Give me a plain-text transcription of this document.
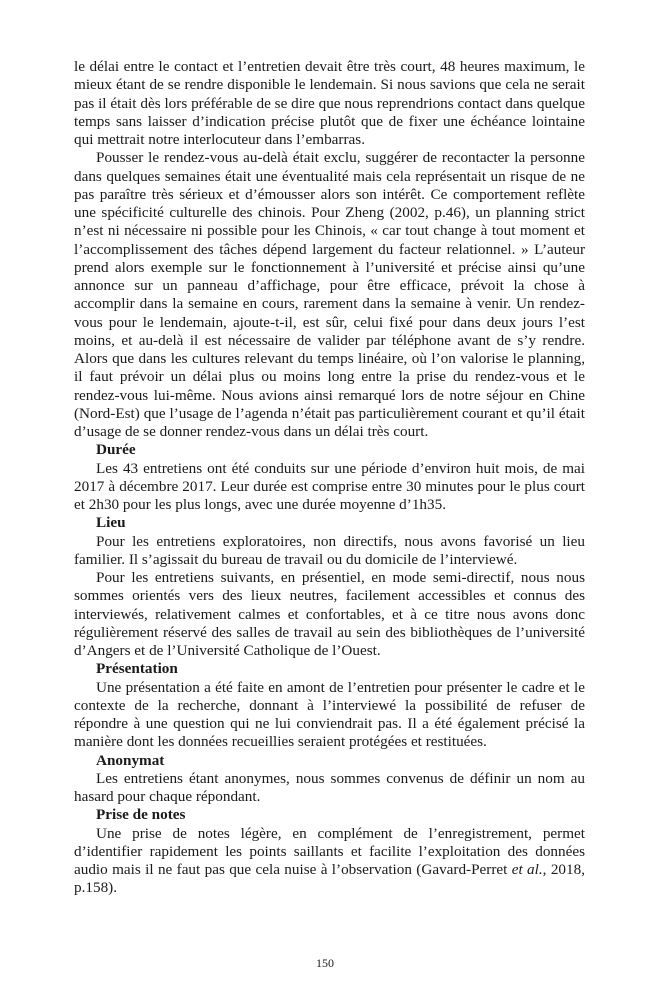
le délai entre le contact et l’entretien devait être très court, 48 heures maximum, le mieux étant de se rendre disponible le lendemain. Si nous savions que cela ne serait pas il était dès lors préférable de se dire que nous reprendrions contact dans quelque temps sans laisser d’indication précise plutôt que de fixer une échéance lointaine qui mettrait notre interlocuteur dans l’embarras.

Pousser le rendez-vous au-delà était exclu, suggérer de recontacter la personne dans quelques semaines était une éventualité mais cela représentait un risque de ne pas paraître très sérieux et d’émousser alors son intérêt. Ce comportement reflète une spécificité culturelle des chinois. Pour Zheng (2002, p.46), un planning strict n’est ni nécessaire ni possible pour les Chinois, « car tout change à tout moment et l’accomplissement des tâches dépend largement du facteur relationnel. » L’auteur prend alors exemple sur le fonctionnement à l’université et précise ainsi qu’une annonce sur un panneau d’affichage, pour être efficace, prévoit la chose à accomplir dans la semaine en cours, rarement dans la semaine à venir. Un rendez-vous pour le lendemain, ajoute-t-il, est sûr, celui fixé pour dans deux jours l’est moins, et au-delà il est nécessaire de valider par téléphone avant de s’y rendre. Alors que dans les cultures relevant du temps linéaire, où l’on valorise le planning, il faut prévoir un délai plus ou moins long entre la prise du rendez-vous et le rendez-vous lui-même. Nous avions ainsi remarqué lors de notre séjour en Chine (Nord-Est) que l’usage de l’agenda n’était pas particulièrement courant et qu’il était d’usage de se donner rendez-vous dans un délai très court.

Durée

Les 43 entretiens ont été conduits sur une période d’environ huit mois, de mai 2017 à décembre 2017. Leur durée est comprise entre 30 minutes pour le plus court et 2h30 pour les plus longs, avec une durée moyenne d’1h35.

Lieu

Pour les entretiens exploratoires, non directifs, nous avons favorisé un lieu familier. Il s’agissait du bureau de travail ou du domicile de l’interviewé.

Pour les entretiens suivants, en présentiel, en mode semi-directif, nous nous sommes orientés vers des lieux neutres, facilement accessibles et connus des interviewés, relativement calmes et confortables, et à ce titre nous avons donc régulièrement réservé des salles de travail au sein des bibliothèques de l’université d’Angers et de l’Université Catholique de l’Ouest.

Présentation

Une présentation a été faite en amont de l’entretien pour présenter le cadre et le contexte de la recherche, donnant à l’interviewé la possibilité de refuser de répondre à une question qui ne lui conviendrait pas. Il a été également précisé la manière dont les données recueillies seraient protégées et restituées.

Anonymat

Les entretiens étant anonymes, nous sommes convenus de définir un nom au hasard pour chaque répondant.

Prise de notes

Une prise de notes légère, en complément de l’enregistrement, permet d’identifier rapidement les points saillants et facilite l’exploitation des données audio mais il ne faut pas que cela nuise à l’observation (Gavard-Perret et al., 2018, p.158).

150
